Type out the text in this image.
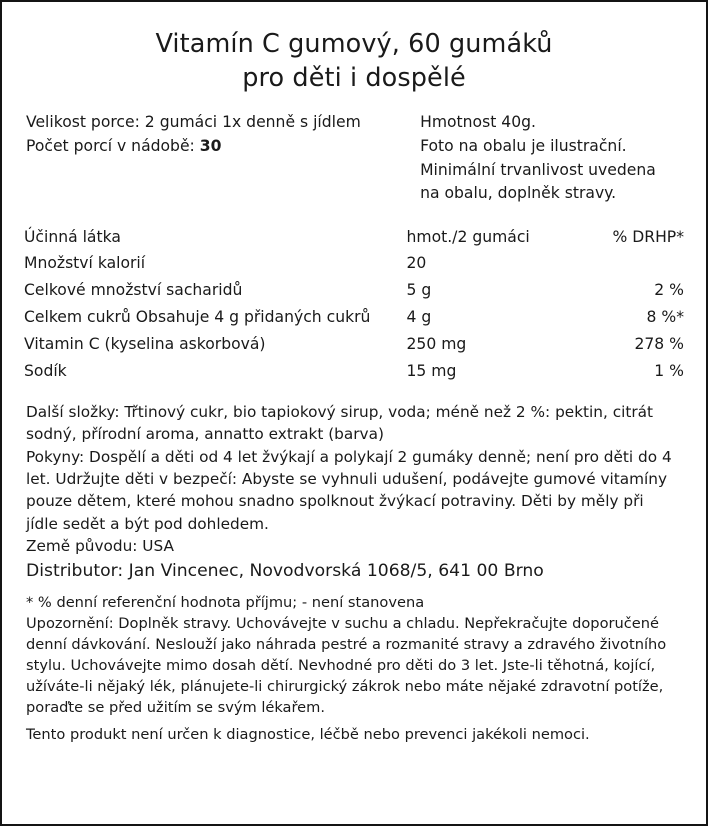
Vitamín C gumový, 60 gumáků
pro děti i dospělé
Velikost porce: 2 gumáci 1x denně s jídlem
Počet porcí v nádobě: 30
Hmotnost 40g.
Foto na obalu je ilustrační.
Minimální trvanlivost uvedena
na obalu, doplněk stravy.
Účinná látka	hmot./2 gumáci	% DRHP*
Množství kalorií	20	
Celkové množství sacharidů	5 g	2 %
Celkem cukrů Obsahuje 4 g přidaných cukrů	4 g	8 %*
Vitamin C (kyselina askorbová)	250 mg	278 %
Sodík	15 mg	1 %

Další složky: Třtinový cukr, bio tapiokový sirup, voda; méně než 2 %: pektin, citrát sodný, přírodní aroma, annatto extrakt (barva)

Pokyny: Dospělí a děti od 4 let žvýkají a polykají 2 gumáky denně; není pro děti do 4 let. Udržujte děti v bezpečí: Abyste se vyhnuli udušení, podávejte gumové vitamíny pouze dětem, které mohou snadno spolknout žvýkací potraviny. Děti by měly při jídle sedět a být pod dohledem.

Země původu: USA

Distributor: Jan Vincenec, Novodvorská 1068/5, 641 00 Brno

* % denní referenční hodnota příjmu; - není stanovena

Upozornění: Doplněk stravy. Uchovávejte v suchu a chladu. Nepřekračujte doporučené denní dávkování. Neslouží jako náhrada pestré a rozmanité stravy a zdravého životního stylu. Uchovávejte mimo dosah dětí. Nevhodné pro děti do 3 let. Jste-li těhotná, kojící, užíváte-li nějaký lék, plánujete-li chirurgický zákrok nebo máte nějaké zdravotní potíže, poraďte se před užitím se svým lékařem.

Tento produkt není určen k diagnostice, léčbě nebo prevenci jakékoli nemoci.
